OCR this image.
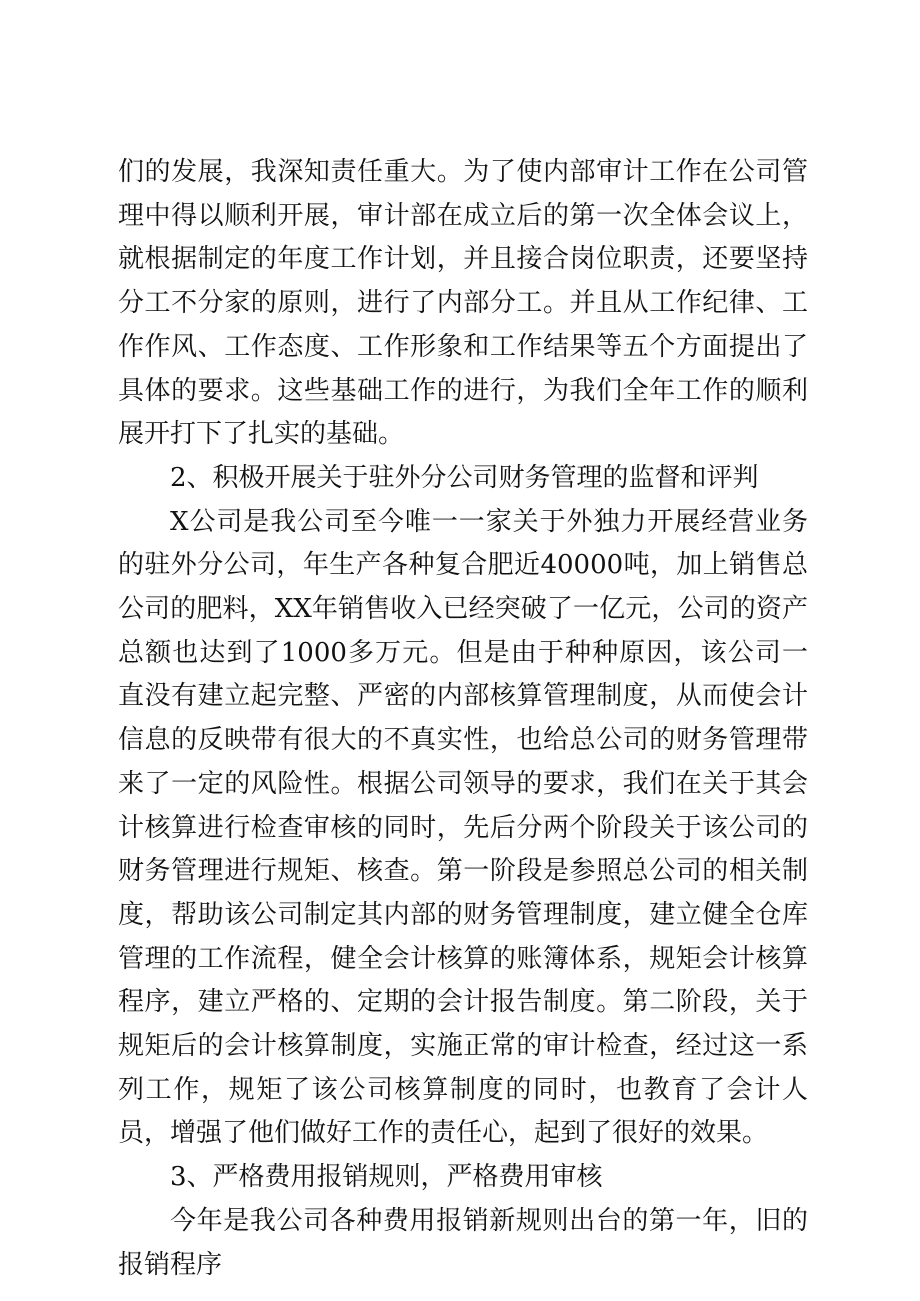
们的发展，我深知责任重大。为了使内部审计工作在公司管理中得以顺利开展，审计部在成立后的第一次全体会议上，就根据制定的年度工作计划，并且接合岗位职责，还要坚持分工不分家的原则，进行了内部分工。并且从工作纪律、工作作风、工作态度、工作形象和工作结果等五个方面提出了具体的要求。这些基础工作的进行，为我们全年工作的顺利展开打下了扎实的基础。

2、积极开展关于驻外分公司财务管理的监督和评判

X公司是我公司至今唯一一家关于外独力开展经营业务的驻外分公司，年生产各种复合肥近40000吨，加上销售总公司的肥料，XX年销售收入已经突破了一亿元，公司的资产总额也达到了1000多万元。但是由于种种原因，该公司一直没有建立起完整、严密的内部核算管理制度，从而使会计信息的反映带有很大的不真实性，也给总公司的财务管理带来了一定的风险性。根据公司领导的要求，我们在关于其会计核算进行检查审核的同时，先后分两个阶段关于该公司的财务管理进行规矩、核查。第一阶段是参照总公司的相关制度，帮助该公司制定其内部的财务管理制度，建立健全仓库管理的工作流程，健全会计核算的账簿体系，规矩会计核算程序，建立严格的、定期的会计报告制度。第二阶段，关于规矩后的会计核算制度，实施正常的审计检查，经过这一系列工作，规矩了该公司核算制度的同时，也教育了会计人员，增强了他们做好工作的责任心，起到了很好的效果。

3、严格费用报销规则，严格费用审核

今年是我公司各种费用报销新规则出台的第一年，旧的报销程序
